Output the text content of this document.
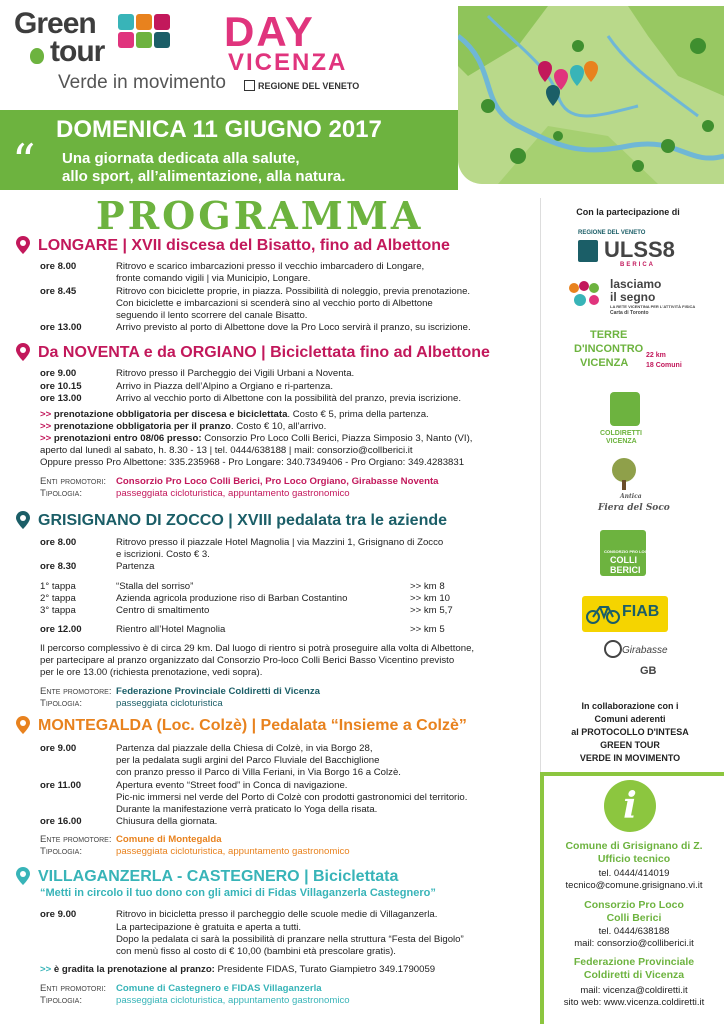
Green
tour
Verde in movimento
DAY
VICENZA
REGIONE DEL VENETO
DOMENICA 11 GIUGNO 2017
“ Una giornata dedicata alla salute,
allo sport, all’alimentazione, alla natura.
PROGRAMMA
LONGARE | XVII discesa del Bisatto, fino ad Albettone
ore 8.00	Ritrovo e scarico imbarcazioni presso il vecchio imbarcadero di Longare,
fronte comando vigili | via Municipio, Longare.
ore 8.45	Ritrovo con biciclette proprie, in piazza. Possibilità di noleggio, previa prenotazione.
Con biciclette e imbarcazioni si scenderà sino al vecchio porto di Albettone
seguendo il lento scorrere del canale Bisatto.
ore 13.00	Arrivo previsto al porto di Albettone dove la Pro Loco servirà il pranzo, su iscrizione.
Da NOVENTA e da ORGIANO | Biciclettata fino ad Albettone
ore 9.00	Ritrovo presso il Parcheggio dei Vigili Urbani a Noventa.
ore 10.15	Arrivo in Piazza dell’Alpino a Orgiano e ri-partenza.
ore 13.00	Arrivo al vecchio porto di Albettone con la possibilità del pranzo, previa iscrizione.
>> prenotazione obbligatoria per discesa e biciclettata. Costo € 5, prima della partenza.
>> prenotazione obbligatoria per il pranzo. Costo € 10, all’arrivo.
>> prenotazioni entro 08/06 presso: Consorzio Pro Loco Colli Berici, Piazza Simposio 3, Nanto (VI),
aperto dal lunedì al sabato, h. 8.30 - 13 | tel. 0444/638188 | mail: consorzio@collberici.it
Oppure presso Pro Albettone: 335.235968 - Pro Longare: 340.7349406 - Pro Orgiano: 349.4283831
Enti promotori: Consorzio Pro Loco Colli Berici, Pro Loco Orgiano, Girabasse Noventa
Tipologia:	passeggiata cicloturistica, appuntamento gastronomico
GRISIGNANO DI ZOCCO | XVIII pedalata tra le aziende
ore 8.00	Ritrovo presso il piazzale Hotel Magnolia | via Mazzini 1, Grisignano di Zocco
e iscrizioni. Costo € 3.
ore 8.30	Partenza
1° tappa	“Stalla del sorriso”	>> km 8
2° tappa	Azienda agricola produzione riso di Barban Costantino	>> km 10
3° tappa	Centro di smaltimento	>> km 5,7
ore 12.00	Rientro all’Hotel Magnolia	>> km 5
Il percorso complessivo è di circa 29 km. Dal luogo di rientro si potrà proseguire alla volta di Albettone,
per partecipare al pranzo organizzato dal Consorzio Pro-loco Colli Berici Basso Vicentino previsto
per le ore 13.00 (richiesta prenotazione, vedi sopra).
Ente promotore: Federazione Provinciale Coldiretti di Vicenza
Tipologia:	passeggiata cicloturistica
MONTEGALDA (Loc. Colzè) | Pedalata “Insieme a Colzè”
ore 9.00	Partenza dal piazzale della Chiesa di Colzè, in via Borgo 28,
per la pedalata sugli argini del Parco Fluviale del Bacchiglione
con pranzo presso il Parco di Villa Feriani, in Via Borgo 16 a Colzè.
ore 11.00	Apertura evento “Street food” in Conca di navigazione.
Pic-nic immersi nel verde del Porto di Colzè con prodotti gastronomici del territorio.
Durante la manifestazione verrà praticato lo Yoga della risata.
ore 16.00	Chiusura della giornata.
Ente promotore: Comune di Montegalda
Tipologia:	passeggiata cicloturistica, appuntamento gastronomico
VILLAGANZERLA - CASTEGNERO | Biciclettata
“Metti in circolo il tuo dono con gli amici di Fidas Villaganzerla Castegnero”
ore 9.00	Ritrovo in bicicletta presso il parcheggio delle scuole medie di Villaganzerla.
La partecipazione è gratuita e aperta a tutti.
Dopo la pedalata ci sarà la possibilità di pranzare nella struttura “Festa del Bigolo”
con menù fisso al costo di € 10,00 (bambini età prescolare gratis).
>> è gradita la prenotazione al pranzo: Presidente FIDAS, Turato Giampietro 349.1790059
Enti promotori: Comune di Castegnero e FIDAS Villaganzerla
Tipologia:	passeggiata cicloturistica, appuntamento gastronomico
Con la partecipazione di
REGIONE DEL VENETO
ULSS8
BERICA
lasciamo
il segno
LA RETE VICENTINA PER L'ATTIVITÀ FISICA
Carta di Toronto
TERRE
D'INCONTRO
VICENZA
22 km
18 Comuni
COLDIRETTI
VICENZA
Antica
Fiera del Soco
CONSORZIO PRO LOCO
COLLI
BERICI
FIAB
Girabasse
GB
In collaborazione con i
Comuni aderenti
al PROTOCOLLO D'INTESA
GREEN TOUR
VERDE IN MOVIMENTO
i
Comune di Grisignano di Z.
Ufficio tecnico
tel. 0444/414019
tecnico@comune.grisignano.vi.it
Consorzio Pro Loco
Colli Berici
tel. 0444/638188
mail: consorzio@colliberici.it
Federazione Provinciale
Coldiretti di Vicenza
mail: vicenza@coldiretti.it
sito web: www.vicenza.coldiretti.it
